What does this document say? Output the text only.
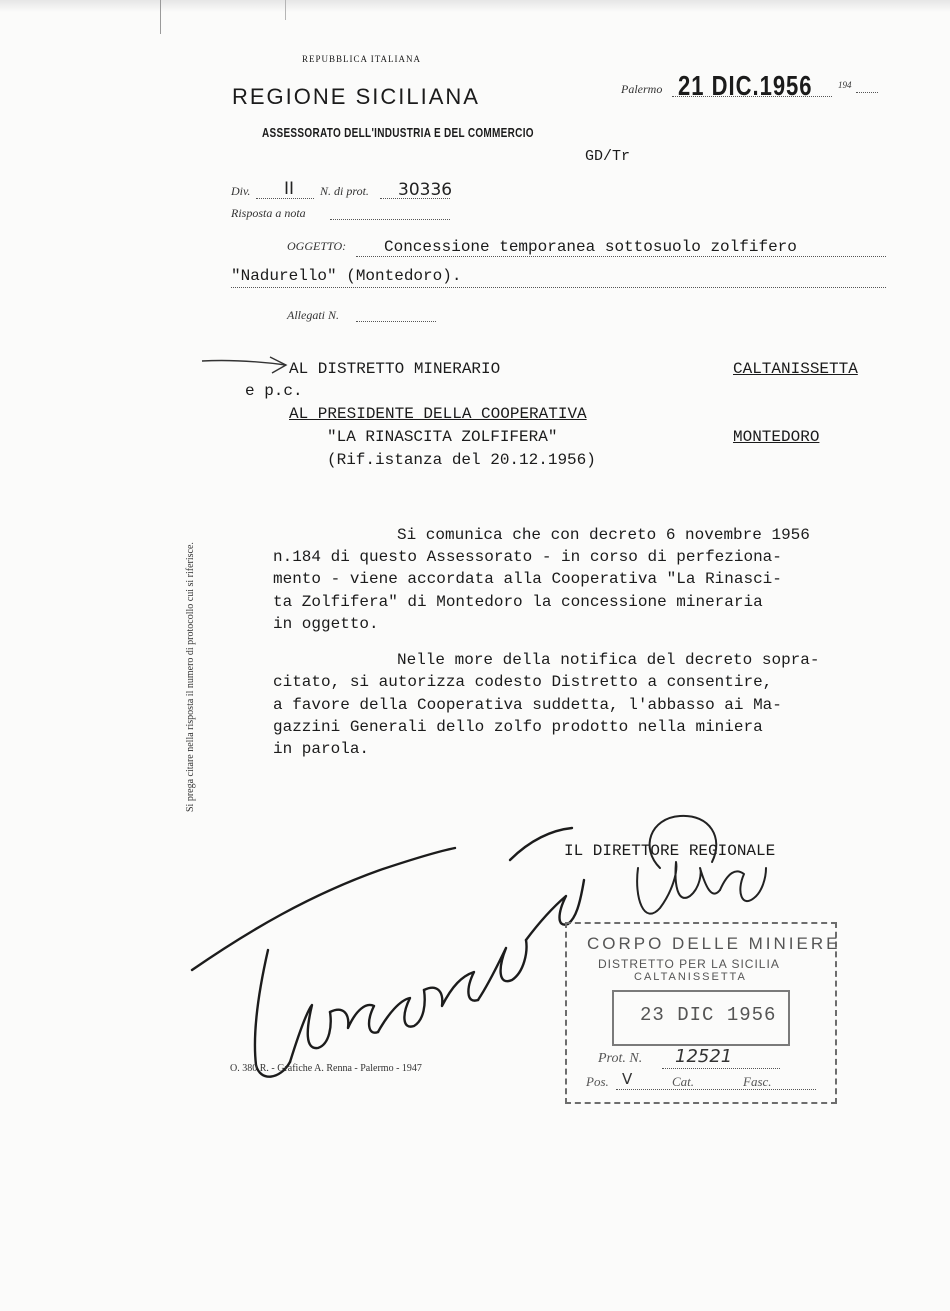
REPUBBLICA ITALIANA
REGIONE SICILIANA
ASSESSORATO DELL'INDUSTRIA E DEL COMMERCIO
Palermo 21 DIC.1956	194
GD/Tr
Div. II N. di prot. 30336
Risposta a nota
OGGETTO: Concessione temporanea sottosuolo zolfifero
"Nadurello" (Montedoro).
Allegati N.
AL DISTRETTO MINERARIO	CALTANISSETTA
e p.c.
AL PRESIDENTE DELLA COOPERATIVA
"LA RINASCITA ZOLFIFERA"	MONTEDORO
(Rif.istanza del 20.12.1956)
Si comunica che con decreto 6 novembre 1956
n.184 di questo Assessorato - in corso di perfeziona-
mento - viene accordata alla Cooperativa "La Rinasci-
ta Zolfifera" di Montedoro la concessione mineraria
in oggetto.
Nelle more della notifica del decreto sopra-
citato, si autorizza codesto Distretto a consentire,
a favore della Cooperativa suddetta, l'abbasso ai Ma-
gazzini Generali dello zolfo prodotto nella miniera
in parola.
IL DIRETTORE REGIONALE
Si prega citare nella risposta il numero di protocollo cui si riferisce.
CORPO DELLE MINIERE
DISTRETTO PER LA SICILIA
CALTANISSETTA
23 DIC 1956
Prot. N. 12521
Pos. V	Cat.	Fasc.
O. 380 R. - Grafiche A. Renna - Palermo - 1947
